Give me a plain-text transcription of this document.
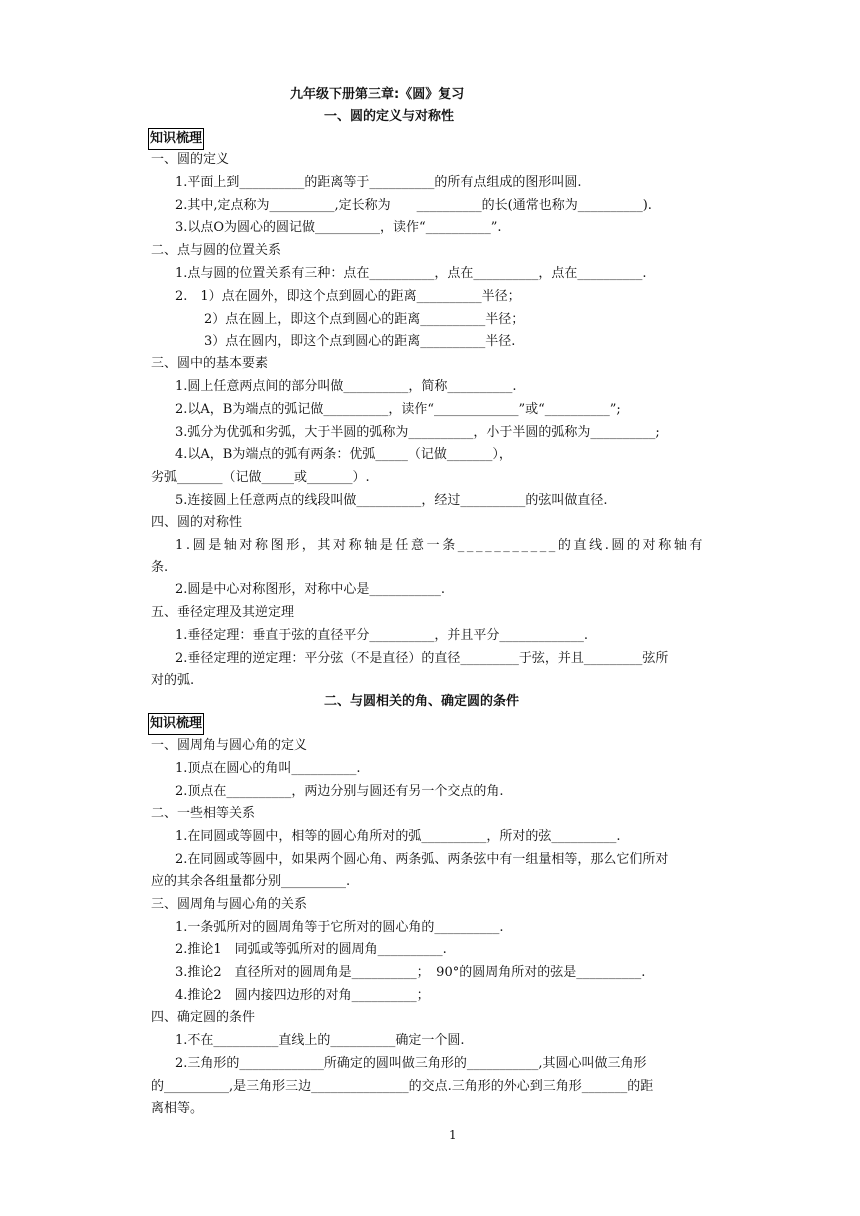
九年级下册第三章:《圆》复习
一、圆的定义与对称性
知识梳理
一、圆的定义
1.平面上到__________的距离等于__________的所有点组成的图形叫圆.
2.其中,定点称为__________,定长称为　　__________的长(通常也称为__________).
3.以点O为圆心的圆记做__________，读作“__________”.
二、点与圆的位置关系
1.点与圆的位置关系有三种：点在__________，点在__________，点在__________.
2.　1）点在圆外，即这个点到圆心的距离__________半径；
2）点在圆上，即这个点到圆心的距离__________半径；
3）点在圆内，即这个点到圆心的距离__________半径.
三、圆中的基本要素
1.圆上任意两点间的部分叫做__________，简称__________.
2.以A，B为端点的弧记做__________，读作“_____________”或“__________”;
3.弧分为优弧和劣弧，大于半圆的弧称为__________，小于半圆的弧称为__________;
4.以A，B为端点的弧有两条：优弧_____（记做_______），
劣弧_______（记做_____或_______）.
5.连接圆上任意两点的线段叫做__________，经过__________的弦叫做直径.
四、圆的对称性
1.圆是轴对称图形，其对称轴是任意一条___________的直线.圆的对称轴有
条.
2.圆是中心对称图形，对称中心是___________.
五、垂径定理及其逆定理
1.垂径定理：垂直于弦的直径平分__________，并且平分_____________.
2.垂径定理的逆定理：平分弦（不是直径）的直径_________于弦，并且_________弦所
对的弧.
二、与圆相关的角、确定圆的条件
知识梳理
一、圆周角与圆心角的定义
1.顶点在圆心的角叫__________.
2.顶点在__________，两边分别与圆还有另一个交点的角.
二、一些相等关系
1.在同圆或等圆中，相等的圆心角所对的弧__________，所对的弦__________.
2.在同圆或等圆中，如果两个圆心角、两条弧、两条弦中有一组量相等，那么它们所对
应的其余各组量都分别__________.
三、圆周角与圆心角的关系
1.一条弧所对的圆周角等于它所对的圆心角的__________.
2.推论1　同弧或等弧所对的圆周角__________.
3.推论2　直径所对的圆周角是__________；　90°的圆周角所对的弦是__________.
4.推论2　圆内接四边形的对角__________；
四、确定圆的条件
1.不在__________直线上的__________确定一个圆.
2.三角形的_____________所确定的圆叫做三角形的___________,其圆心叫做三角形
的__________,是三角形三边_______________的交点.三角形的外心到三角形_______的距
离相等。
1
